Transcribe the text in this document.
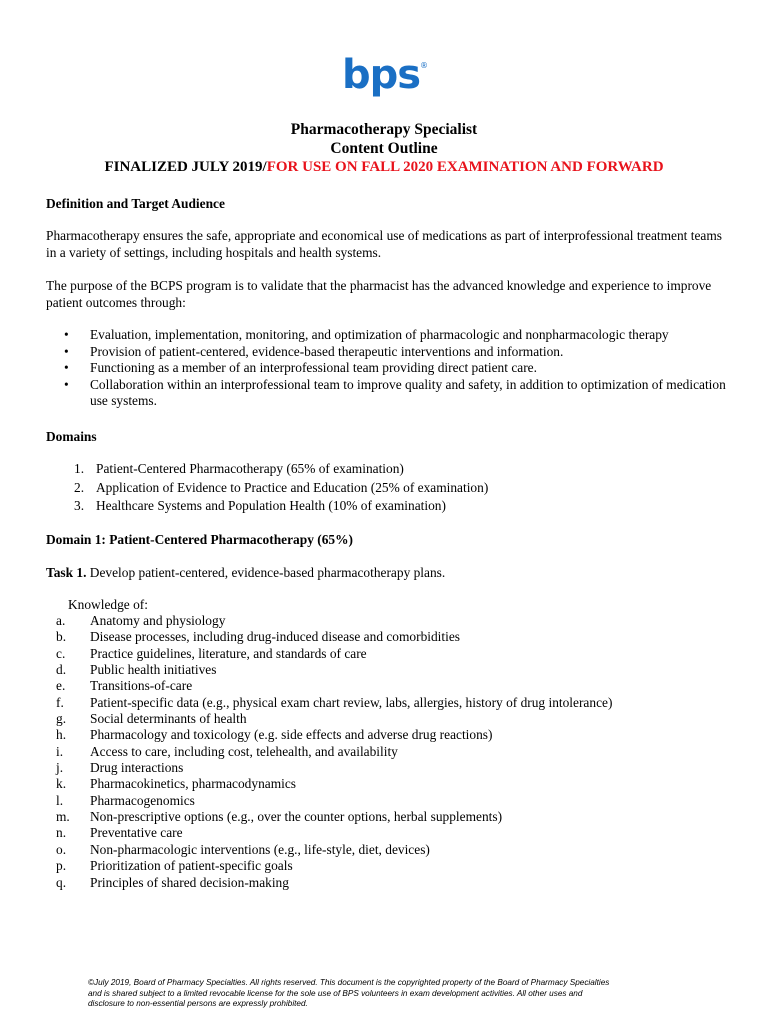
bps ®
Pharmacotherapy Specialist
Content Outline
FINALIZED JULY 2019/FOR USE ON FALL 2020 EXAMINATION AND FORWARD
Definition and Target Audience
Pharmacotherapy ensures the safe, appropriate and economical use of medications as part of interprofessional treatment teams in a variety of settings, including hospitals and health systems.
The purpose of the BCPS program is to validate that the pharmacist has the advanced knowledge and experience to improve patient outcomes through:
• Evaluation, implementation, monitoring, and optimization of pharmacologic and nonpharmacologic therapy
• Provision of patient-centered, evidence-based therapeutic interventions and information.
• Functioning as a member of an interprofessional team providing direct patient care.
• Collaboration within an interprofessional team to improve quality and safety, in addition to optimization of medication use systems.
Domains
1. Patient-Centered Pharmacotherapy (65% of examination)
2. Application of Evidence to Practice and Education (25% of examination)
3. Healthcare Systems and Population Health (10% of examination)
Domain 1: Patient-Centered Pharmacotherapy (65%)
Task 1. Develop patient-centered, evidence-based pharmacotherapy plans.
Knowledge of:
a. Anatomy and physiology
b. Disease processes, including drug-induced disease and comorbidities
c. Practice guidelines, literature, and standards of care
d. Public health initiatives
e. Transitions-of-care
f. Patient-specific data (e.g., physical exam chart review, labs, allergies, history of drug intolerance)
g. Social determinants of health
h. Pharmacology and toxicology (e.g. side effects and adverse drug reactions)
i. Access to care, including cost, telehealth, and availability
j. Drug interactions
k. Pharmacokinetics, pharmacodynamics
l. Pharmacogenomics
m. Non-prescriptive options (e.g., over the counter options, herbal supplements)
n. Preventative care
o. Non-pharmacologic interventions (e.g., life-style, diet, devices)
p. Prioritization of patient-specific goals
q. Principles of shared decision-making
©July 2019, Board of Pharmacy Specialties. All rights reserved. This document is the copyrighted property of the Board of Pharmacy Specialties
and is shared subject to a limited revocable license for the sole use of BPS volunteers in exam development activities. All other uses and
disclosure to non-essential persons are expressly prohibited.
